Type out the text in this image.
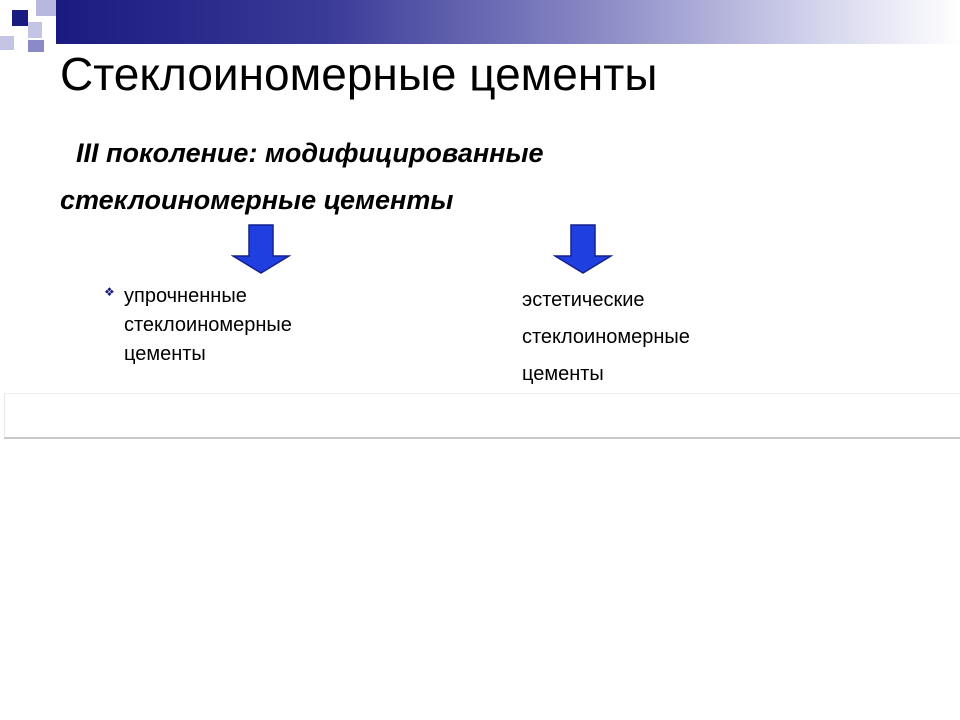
Стеклоиномерные цементы
III поколение: модифицированные
стеклоиномерные цементы
❖ упрочненные
стеклоиномерные
цементы
эстетические
стеклоиномерные
цементы
